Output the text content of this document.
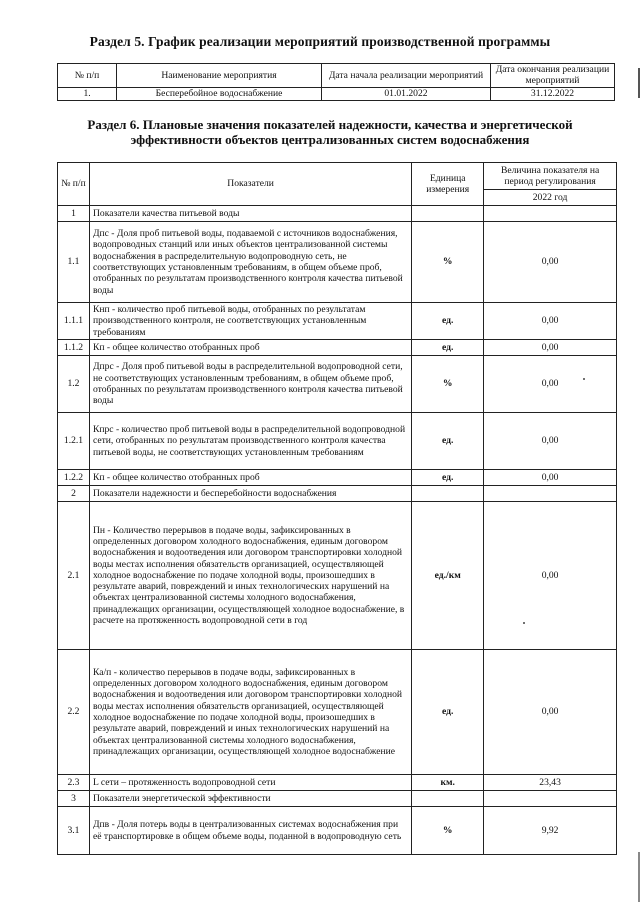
Раздел 5. График реализации мероприятий производственной программы
№ п/п	Наименование мероприятия	Дата начала реализации мероприятий	Дата окончания реализации мероприятий
1.	Бесперебойное водоснабжение	01.01.2022	31.12.2022
Раздел 6. Плановые значения показателей надежности, качества и энергетической эффективности объектов централизованных систем водоснабжения
№ п/п	Показатели	Единица измерения	Величина показателя на период регулирования
			2022 год
1	Показатели качества питьевой воды		
1.1	Дпс - Доля проб питьевой воды, подаваемой с источников водоснабжения, водопроводных станций или иных объектов централизованной системы водоснабжения в распределительную водопроводную сеть, не соответствующих установленным требованиям, в общем объеме проб, отобранных по результатам производственного контроля качества питьевой воды	%	0,00
1.1.1	Кнп - количество проб питьевой воды, отобранных по результатам производственного контроля, не соответствующих установленным требованиям	ед.	0,00
1.1.2	Кп - общее количество отобранных проб	ед.	0,00
1.2	Дпрс - Доля проб питьевой воды в распределительной водопроводной сети, не соответствующих установленным требованиям, в общем объеме проб, отобранных по результатам производственного контроля качества питьевой воды	%	0,00
1.2.1	Кпрс - количество проб питьевой воды в распределительной водопроводной сети, отобранных по результатам производственного контроля качества питьевой воды, не соответствующих установленным требованиям	ед.	0,00
1.2.2	Кп - общее количество отобранных проб	ед.	0,00
2	Показатели надежности и бесперебойности водоснабжения		
2.1	Пн - Количество перерывов в подаче воды, зафиксированных в определенных договором холодного водоснабжения, единым договором водоснабжения и водоотведения или договором транспортировки холодной воды местах исполнения обязательств организацией, осуществляющей холодное водоснабжение по подаче холодной воды, произошедших в результате аварий, повреждений и иных технологических нарушений на объектах централизованной системы холодного водоснабжения, принадлежащих организации, осуществляющей холодное водоснабжение, в расчете на протяженность водопроводной сети в год	ед./км	0,00
2.2	Ка/п - количество перерывов в подаче воды, зафиксированных в определенных договором холодного водоснабжения, единым договором водоснабжения и водоотведения или договором транспортировки холодной воды местах исполнения обязательств организацией, осуществляющей холодное водоснабжение по подаче холодной воды, произошедших в результате аварий, повреждений и иных технологических нарушений на объектах централизованной системы холодного водоснабжения, принадлежащих организации, осуществляющей холодное водоснабжение	ед.	0,00
2.3	L сети – протяженность водопроводной сети	км.	23,43
3	Показатели энергетической эффективности		
3.1	Дпв - Доля потерь воды в централизованных системах водоснабжения при её транспортировке в общем объеме воды, поданной в водопроводную сеть	%	9,92
